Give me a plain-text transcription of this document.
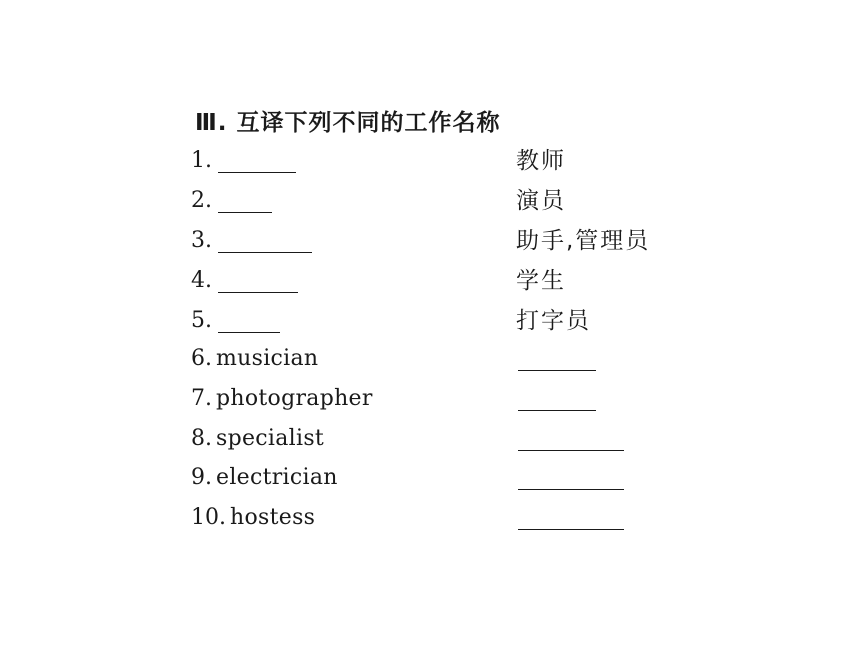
Ⅲ. 互译下列不同的工作名称
1.	教师
2.	演员
3.	助手,管理员
4.	学生
5.	打字员
6. musician
7. photographer
8. specialist
9. electrician
10. hostess
